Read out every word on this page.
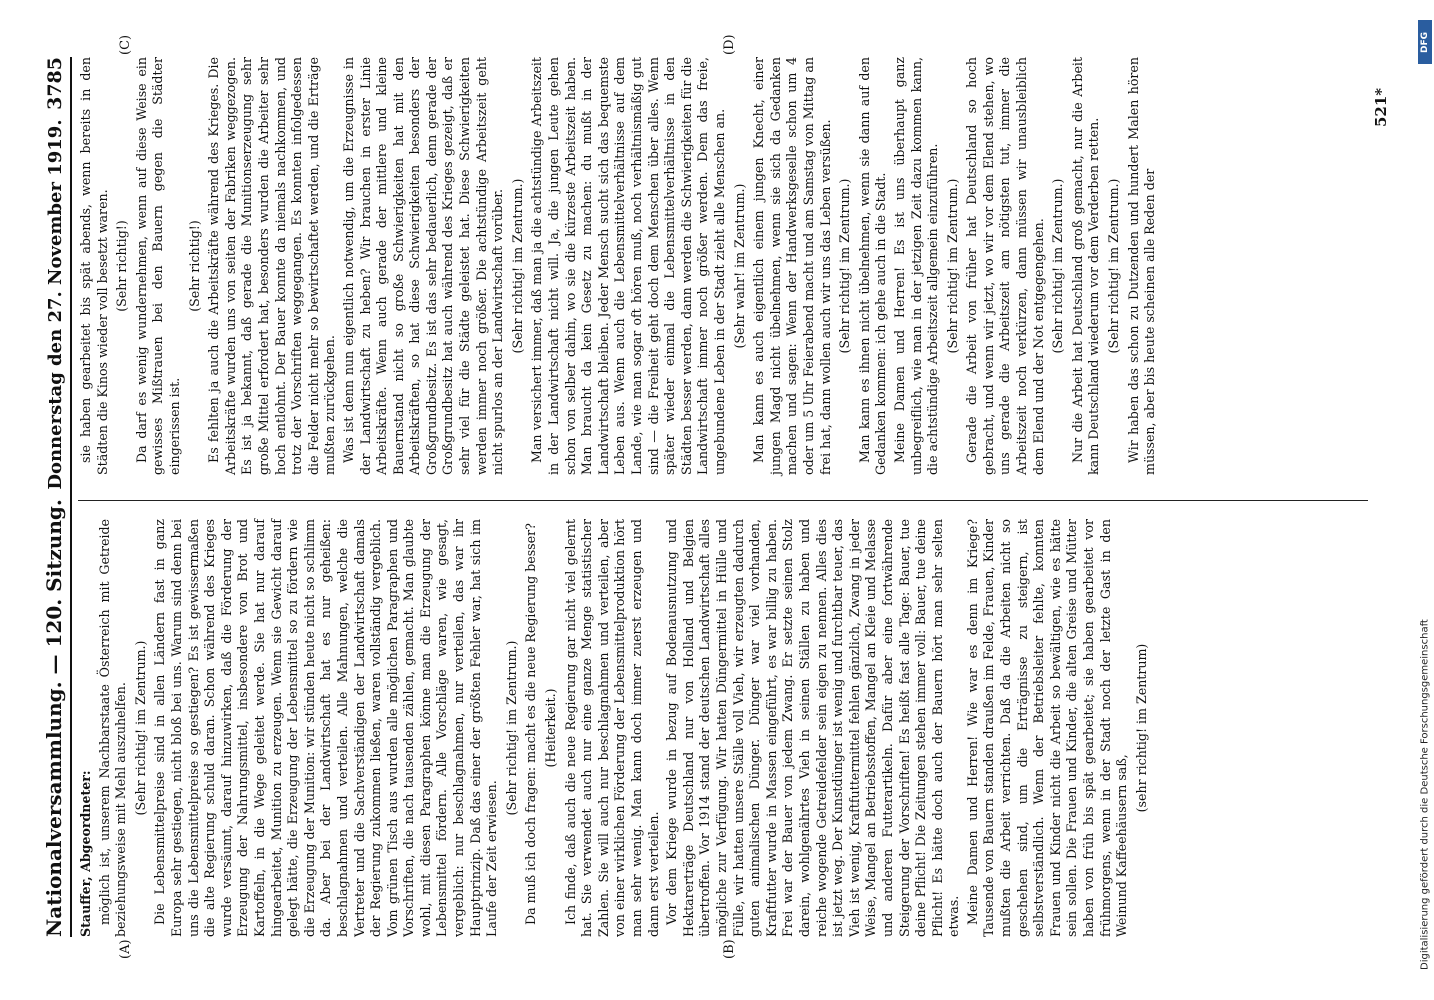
Nationalversammlung. — 120. Sitzung.
Donnerstag den 27. November 1919.
3785

Stauffer, Abgeordneter: möglich ist, unserem Nachbarstaate Österreich mit Getreide beziehungsweise mit Mehl auszuhelfen. (Sehr richtig! im Zentrum.) Die Lebensmittelpreise sind in allen Ländern fast in ganz Europa sehr gestiegen, nicht bloß bei uns. Warum sind denn bei uns die Lebensmittelpreise so gestiegen? Es ist gewissermaßen die alte Regierung schuld daran. Schon während des Krieges wurde versäumt, darauf hinzuwirken, daß die Förderung der Erzeugung der Nahrungsmittel, insbesondere von Brot und Kartoffeln, in die Wege geleitet werde. Sie hat nur darauf hingearbeitet, Munition zu erzeugen. Wenn sie Gewicht darauf gelegt hätte, die Erzeugung der Lebensmittel so zu fördern wie die Erzeugung der Munition: wir stünden heute nicht so schlimm da. Aber bei der Landwirtschaft hat es nur geheißen: beschlagnahmen und verteilen. Alle Mahnungen, welche die Vertreter und die Sachverständigen der Landwirtschaft damals der Regierung zukommen ließen, waren vollständig vergeblich. Vom grünen Tisch aus wurden alle möglichen Paragraphen und Vorschriften, die nach tausenden zählen, gemacht. Man glaubte wohl, mit diesen Paragraphen könne man die Erzeugung der Lebensmittel fördern. Alle Vorschläge waren, wie gesagt, vergeblich: nur beschlagnahmen, nur verteilen, das war ihr Hauptprinzip. Daß das einer der größten Fehler war, hat sich im Laufe der Zeit erwiesen.

(Sehr richtig! im Zentrum.) Da muß ich doch fragen: macht es die neue Regierung besser? (Heiterkeit.) Ich finde, daß auch die neue Regierung gar nicht viel gelernt hat. Sie verwendet auch nur eine ganze Menge statistischer Zahlen. Sie will auch nur beschlagnahmen und verteilen, aber von einer wirklichen Förderung der Lebensmittelproduktion hört man sehr wenig. Man kann doch immer zuerst erzeugen und dann erst verteilen. Vor dem Kriege wurde in bezug auf Bodenausnutzung und Hektarerträge Deutschland nur von Holland und Belgien übertroffen. Vor 1914 stand der deutschen Landwirtschaft alles mögliche zur Verfügung. Wir hatten Düngermittel in Hülle und Fülle, wir hatten unsere Ställe voll Vieh, wir erzeugten dadurch guten animalischen Dünger. Dünger war viel vorhanden, Kraftfutter wurde in Massen eingeführt, es war billig zu haben. Frei war der Bauer von jedem Zwang. Er setzte seinen Stolz darein, wohlgenährtes Vieh in seinen Ställen zu haben und reiche wogende Getreidefelder sein eigen zu nennen. Alles dies ist jetzt weg. Der Kunstdünger ist wenig und furchtbar teuer, das Vieh ist wenig, Kraftfuttermittel fehlen gänzlich, Zwang in jeder Weise, Mangel an Betriebsstoffen, Mangel an Kleie und Melasse und anderen Futterartikeln. Dafür aber eine fortwährende Steigerung der Vorschriften! Es heißt fast alle Tage: Bauer, tue deine Pflicht! Die Zeitungen stehen immer voll: Bauer, tue deine Pflicht! Es hätte doch auch der Bauern hört man sehr selten etwas. Meine Damen und Herren! Wie war es denn im Kriege? Tausende von Bauern standen draußen im Felde, Frauen, Kinder mußten die Arbeit verrichten. Daß da die Arbeiten nicht so geschehen sind, um die Erträgnisse zu steigern, ist selbstverständlich. Wenn der Betriebsleiter fehlte, konnten Frauen und Kinder nicht die Arbeit so bewältigen, wie es hätte sein sollen. Die Frauen und Kinder, die alten Greise und Mütter haben von früh bis spät gearbeitet; sie haben gearbeitet vor frühmorgens, wenn in der Stadt noch der letzte Gast in den Weinund Kaffeehäusern saß,

(sehr richtig! im Zentrum)

sie haben gearbeitet bis spät abends, wenn bereits in den Städten die Kinos wieder voll besetzt waren. (Sehr richtig!) Da darf es wenig wundernehmen, wenn auf diese Weise ein gewisses Mißtrauen bei den Bauern gegen die Städter eingerissen ist.

(Sehr richtig!) Es fehlten ja auch die Arbeitskräfte während des Krieges. Die Arbeitskräfte wurden uns von seiten der Fabriken weggezogen. Es ist ja bekannt, daß gerade die Munitionserzeugung sehr große Mittel erfordert hat, besonders wurden die Arbeiter sehr hoch entlohnt. Der Bauer konnte da niemals nachkommen, und trotz der Vorschriften weggegangen. Es konnten infolgedessen die Felder nicht mehr so bewirtschaftet werden, und die Erträge mußten zurückgehen. Was ist denn nun eigentlich notwendig, um die Erzeugnisse in der Landwirtschaft zu heben? Wir brauchen in erster Linie Arbeitskräfte. Wenn auch gerade der mittlere und kleine Bauernstand nicht so große Schwierigkeiten hat mit den Arbeitskräften, so hat diese Schwierigkeiten besonders der Großgrundbesitz. Es ist das sehr bedauerlich, denn gerade der Großgrundbesitz hat auch während des Krieges gezeigt, daß er sehr viel für die Städte geleistet hat. Diese Schwierigkeiten werden immer noch größer. Die achtstündige Arbeitszeit geht nicht spurlos an der Landwirtschaft vorüber. (Sehr richtig! im Zentrum.) Man versichert immer, daß man ja die achtstündige Arbeitszeit in der Landwirtschaft nicht will. Ja, die jungen Leute gehen schon von selber dahin, wo sie die kürzeste Arbeitszeit haben. Man braucht da kein Gesetz zu machen: du mußt in der Landwirtschaft bleiben. Jeder Mensch sucht sich das bequemste Leben aus. Wenn auch die Lebensmittelverhältnisse auf dem Lande, wie man sogar oft hören muß, noch verhältnismäßig gut sind — die Freiheit geht doch dem Menschen über alles. Wenn später wieder einmal die Lebensmittelverhältnisse in den Städten besser werden, dann werden die Schwierigkeiten für die Landwirtschaft immer noch größer werden. Dem das freie, ungebundene Leben in der Stadt zieht alle Menschen an. (Sehr wahr! im Zentrum.) Man kann es auch eigentlich einem jungen Knecht, einer jungen Magd nicht übelnehmen, wenn sie sich da Gedanken machen und sagen: Wenn der Handwerksgeselle schon um 4 oder um 5 Uhr Feierabend macht und am Samstag von Mittag an frei hat, dann wollen auch wir uns das Leben versüßen. (Sehr richtig! im Zentrum.) Man kann es ihnen nicht übelnehmen, wenn sie dann auf den Gedanken kommen: ich gehe auch in die Stadt. Meine Damen und Herren! Es ist uns überhaupt ganz unbegreiflich, wie man in der jetzigen Zeit dazu kommen kann, die achtstündige Arbeitszeit allgemein einzuführen. (Sehr richtig! im Zentrum.) Gerade die Arbeit von früher hat Deutschland so hoch gebracht, und wenn wir jetzt, wo wir vor dem Elend stehen, wo uns gerade die Arbeitszeit am nötigsten tut, immer die Arbeitszeit noch verkürzen, dann müssen wir unausbleiblich dem Elend und der Not entgegengehen. (Sehr richtig! im Zentrum.) Nur die Arbeit hat Deutschland groß gemacht, nur die Arbeit kann Deutschland wiederum vor dem Verderben retten. (Sehr richtig! im Zentrum.) Wir haben das schon zu Dutzenden und hundert Malen hören müssen, aber bis heute scheinen alle Reden der

(A)	(B)
(C)	(D)
521*
DFG
Digitalisierung gefördert durch die Deutsche Forschungsgemeinschaft
